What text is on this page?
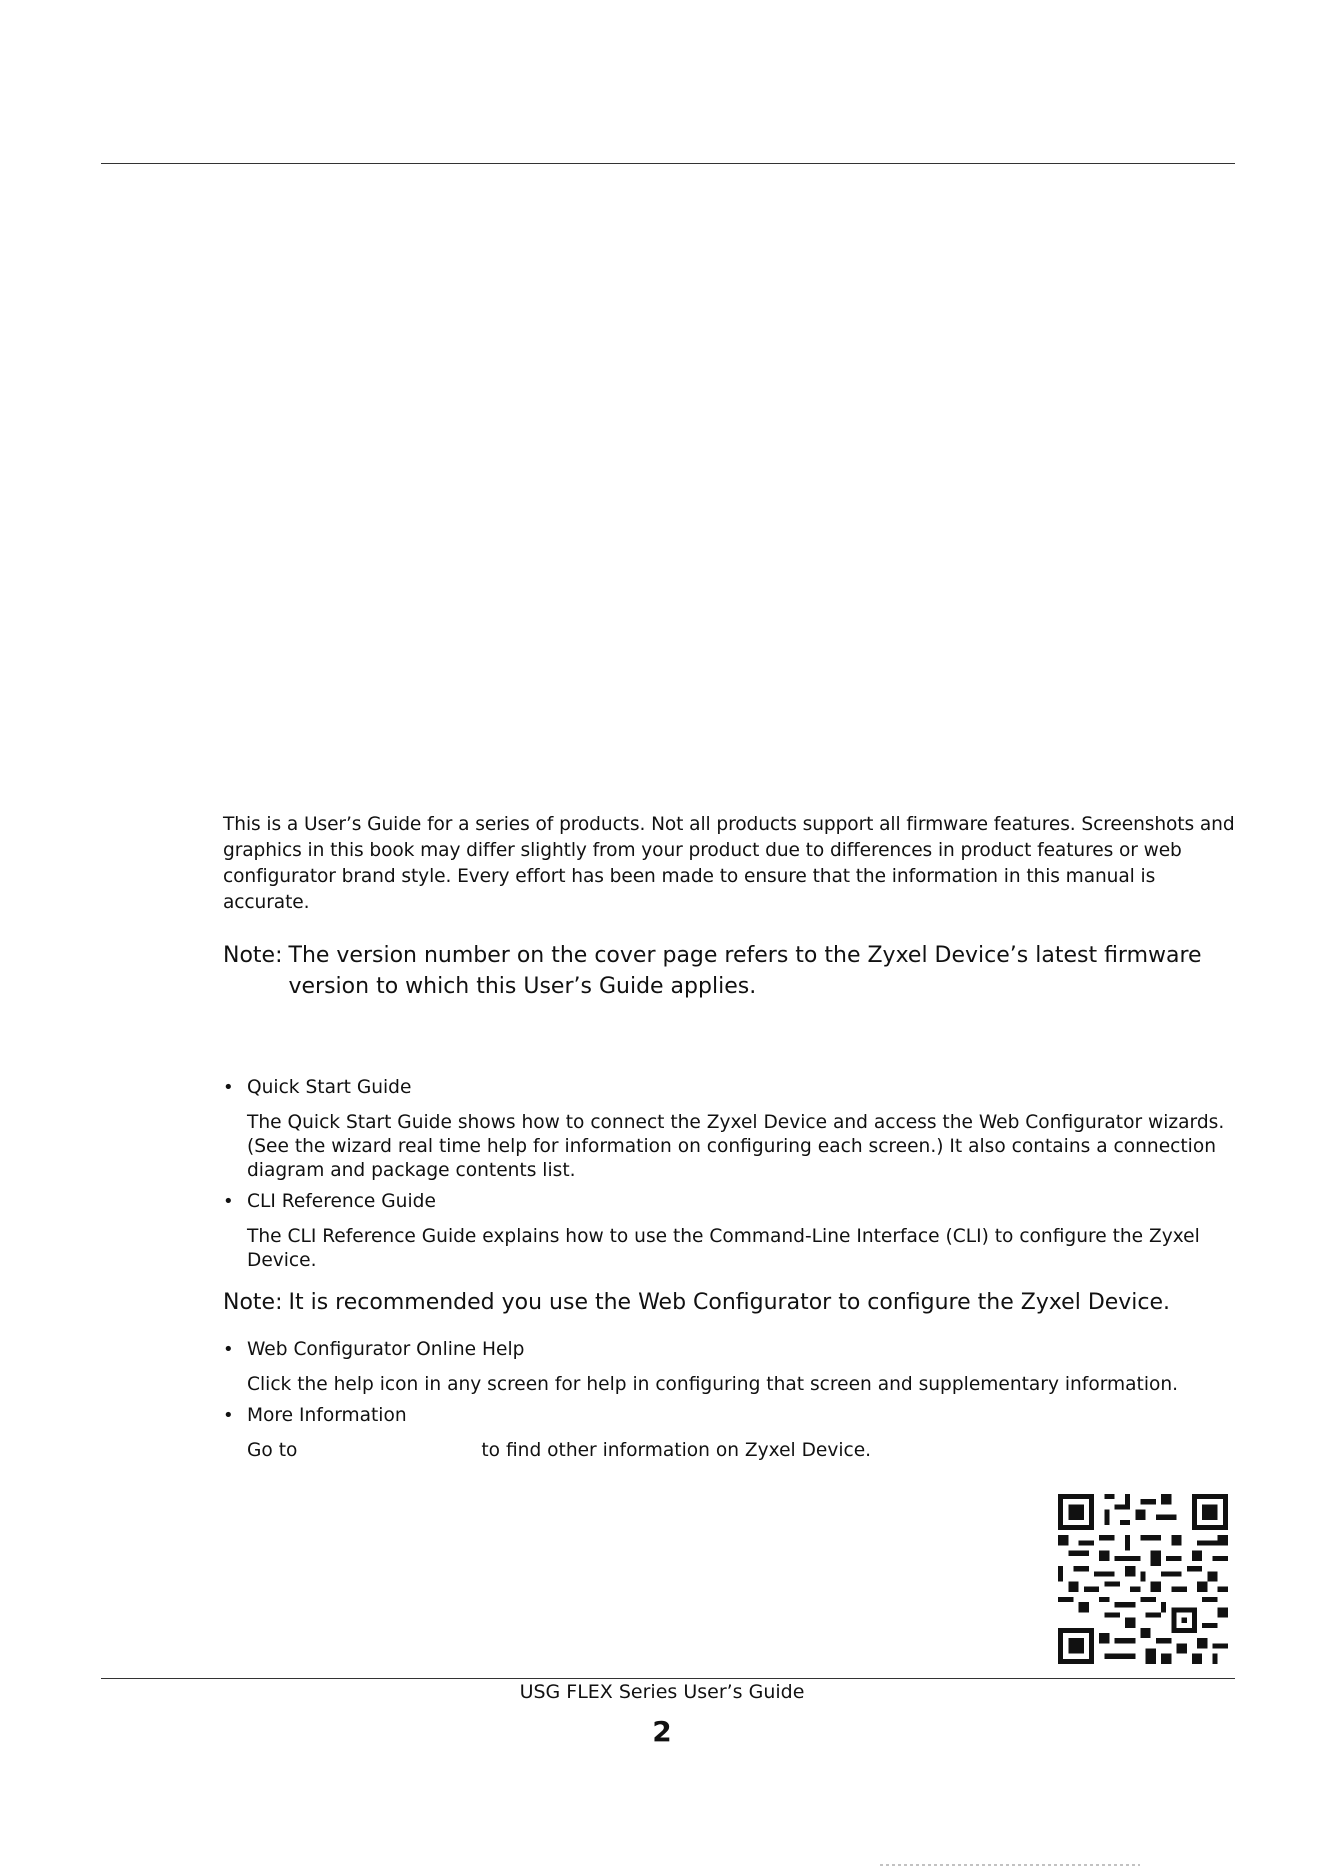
This is a User’s Guide for a series of products. Not all products support all firmware features. Screenshots and graphics in this book may differ slightly from your product due to differences in product features or web configurator brand style. Every effort has been made to ensure that the information in this manual is accurate.

Note: The version number on the cover page refers to the Zyxel Device’s latest firmware version to which this User’s Guide applies.
• Quick Start Guide

The Quick Start Guide shows how to connect the Zyxel Device and access the Web Configurator wizards. (See the wizard real time help for information on configuring each screen.) It also contains a connection diagram and package contents list.

• CLI Reference Guide

The CLI Reference Guide explains how to use the Command-Line Interface (CLI) to configure the Zyxel Device.

Note: It is recommended you use the Web Configurator to configure the Zyxel Device.
• Web Configurator Online Help

Click the help icon in any screen for help in configuring that screen and supplementary information.

• More Information

Go to	to find other information on Zyxel Device.

USG FLEX Series User’s Guide
2
